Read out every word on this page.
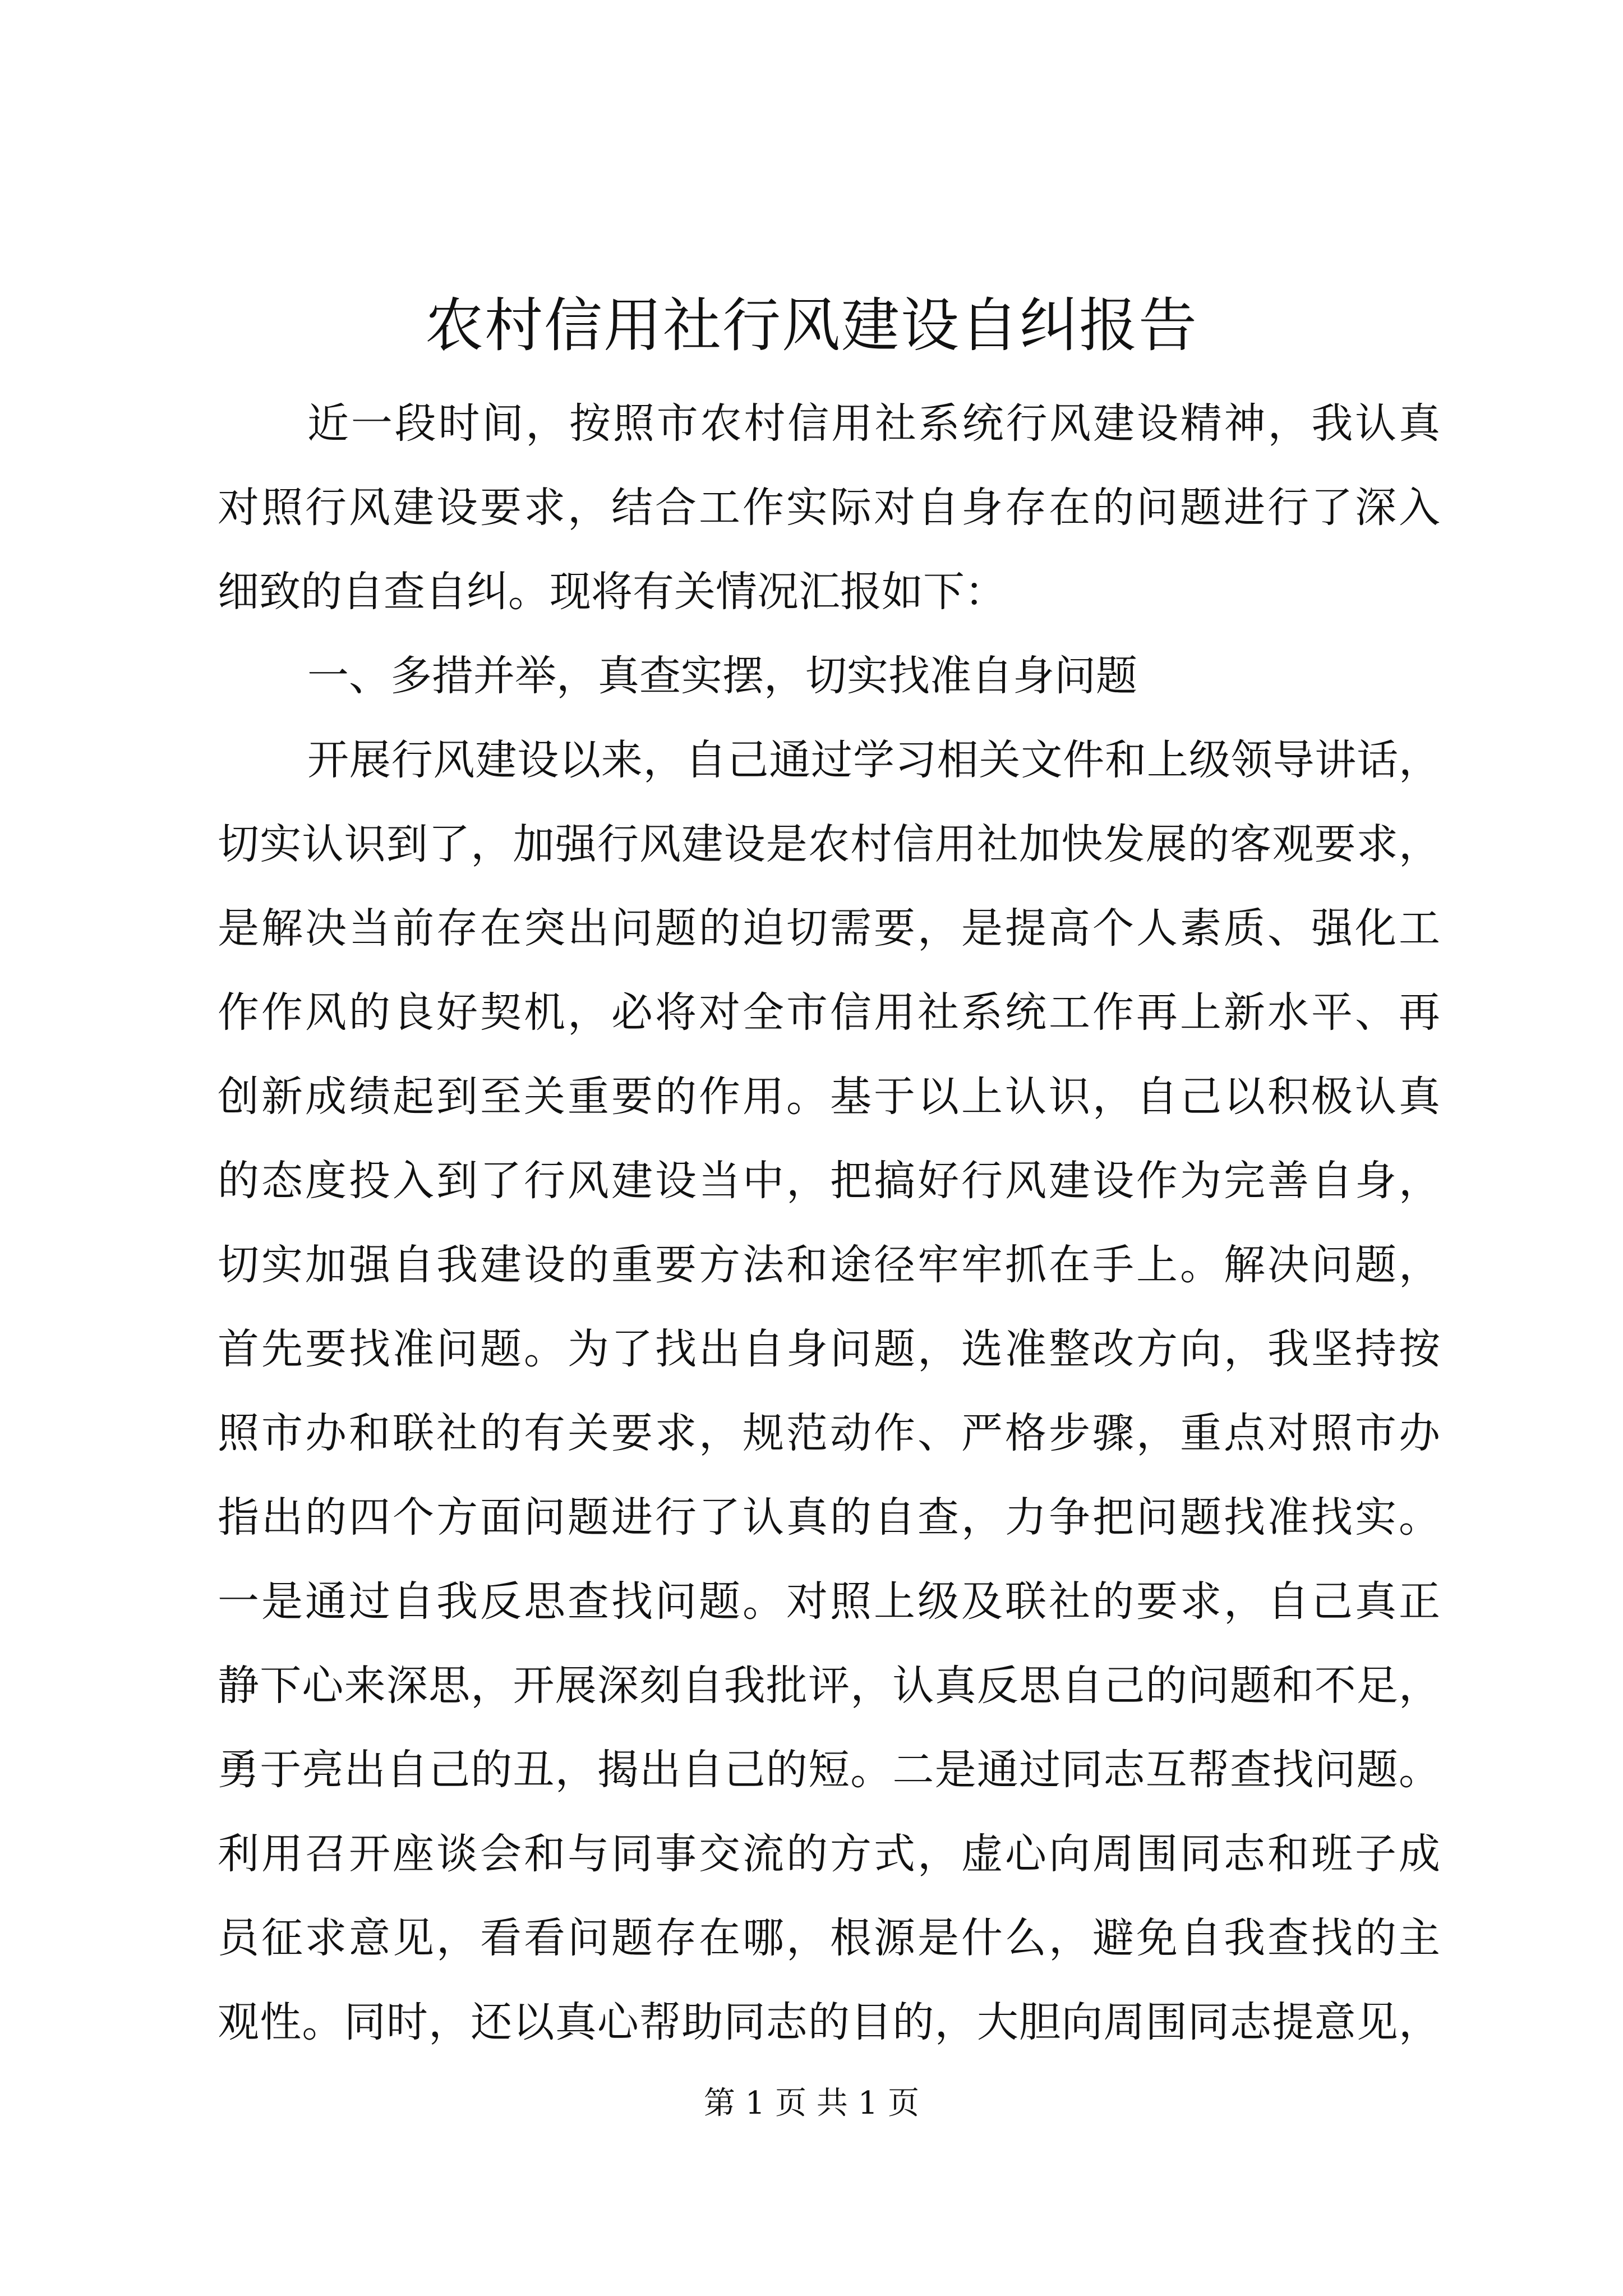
农村信用社行风建设自纠报告
近一段时间，按照市农村信用社系统行风建设精神，我认真
对照行风建设要求，结合工作实际对自身存在的问题进行了深入
细致的自查自纠。现将有关情况汇报如下：
一、多措并举，真查实摆，切实找准自身问题
开展行风建设以来，自己通过学习相关文件和上级领导讲话，
切实认识到了，加强行风建设是农村信用社加快发展的客观要求，
是解决当前存在突出问题的迫切需要，是提高个人素质、强化工
作作风的良好契机，必将对全市信用社系统工作再上新水平、再
创新成绩起到至关重要的作用。基于以上认识，自己以积极认真
的态度投入到了行风建设当中，把搞好行风建设作为完善自身，
切实加强自我建设的重要方法和途径牢牢抓在手上。解决问题，
首先要找准问题。为了找出自身问题，选准整改方向，我坚持按
照市办和联社的有关要求，规范动作、严格步骤，重点对照市办
指出的四个方面问题进行了认真的自查，力争把问题找准找实。
一是通过自我反思查找问题。对照上级及联社的要求，自己真正
静下心来深思，开展深刻自我批评，认真反思自己的问题和不足，
勇于亮出自己的丑，揭出自己的短。二是通过同志互帮查找问题。
利用召开座谈会和与同事交流的方式，虚心向周围同志和班子成
员征求意见，看看问题存在哪，根源是什么，避免自我查找的主
观性。同时，还以真心帮助同志的目的，大胆向周围同志提意见，
第 1 页 共 1 页
